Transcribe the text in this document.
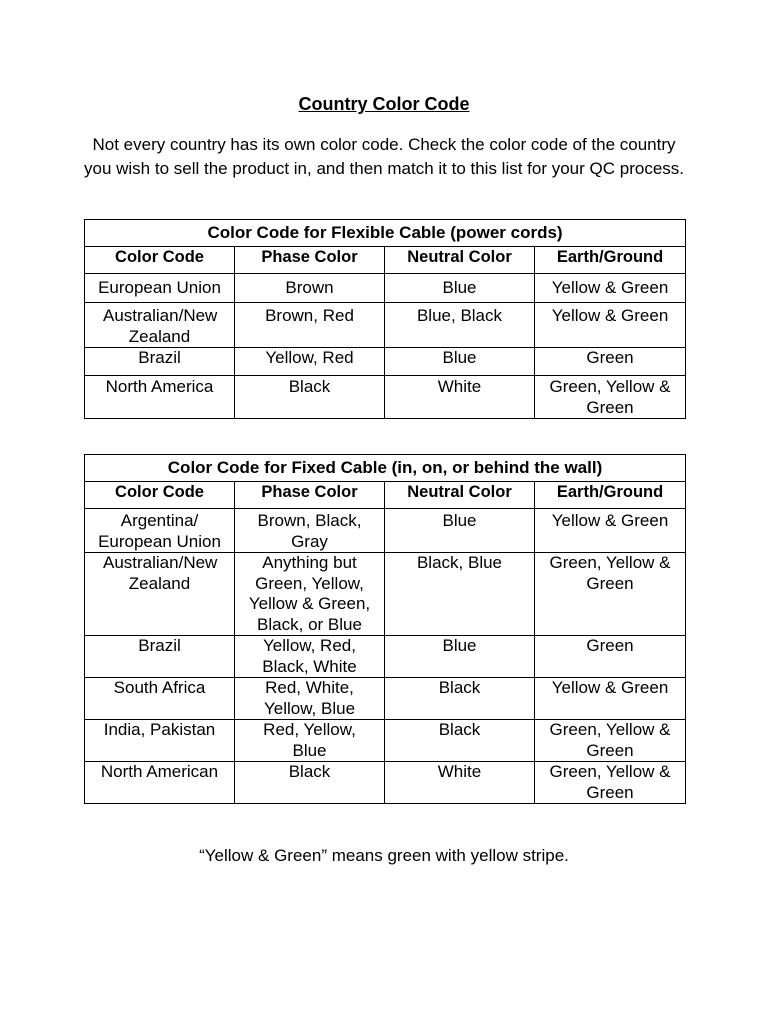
Country Color Code
Not every country has its own color code. Check the color code of the country you wish to sell the product in, and then match it to this list for your QC process.
Color Code for Flexible Cable (power cords)			
Color Code	Phase Color	Neutral Color	Earth/Ground
European Union	Brown	Blue	Yellow & Green
Australian/New Zealand	Brown, Red	Blue, Black	Yellow & Green
Brazil	Yellow, Red	Blue	Green
North America	Black	White	Green, Yellow & Green
Color Code for Fixed Cable (in, on, or behind the wall)			
Color Code	Phase Color	Neutral Color	Earth/Ground
Argentina/ European Union	Brown, Black, Gray	Blue	Yellow & Green
Australian/New Zealand	Anything but Green, Yellow, Yellow & Green, Black, or Blue	Black, Blue	Green, Yellow & Green
Brazil	Yellow, Red, Black, White	Blue	Green
South Africa	Red, White, Yellow, Blue	Black	Yellow & Green
India, Pakistan	Red, Yellow, Blue	Black	Green, Yellow & Green
North American	Black	White	Green, Yellow & Green
“Yellow & Green” means green with yellow stripe.
